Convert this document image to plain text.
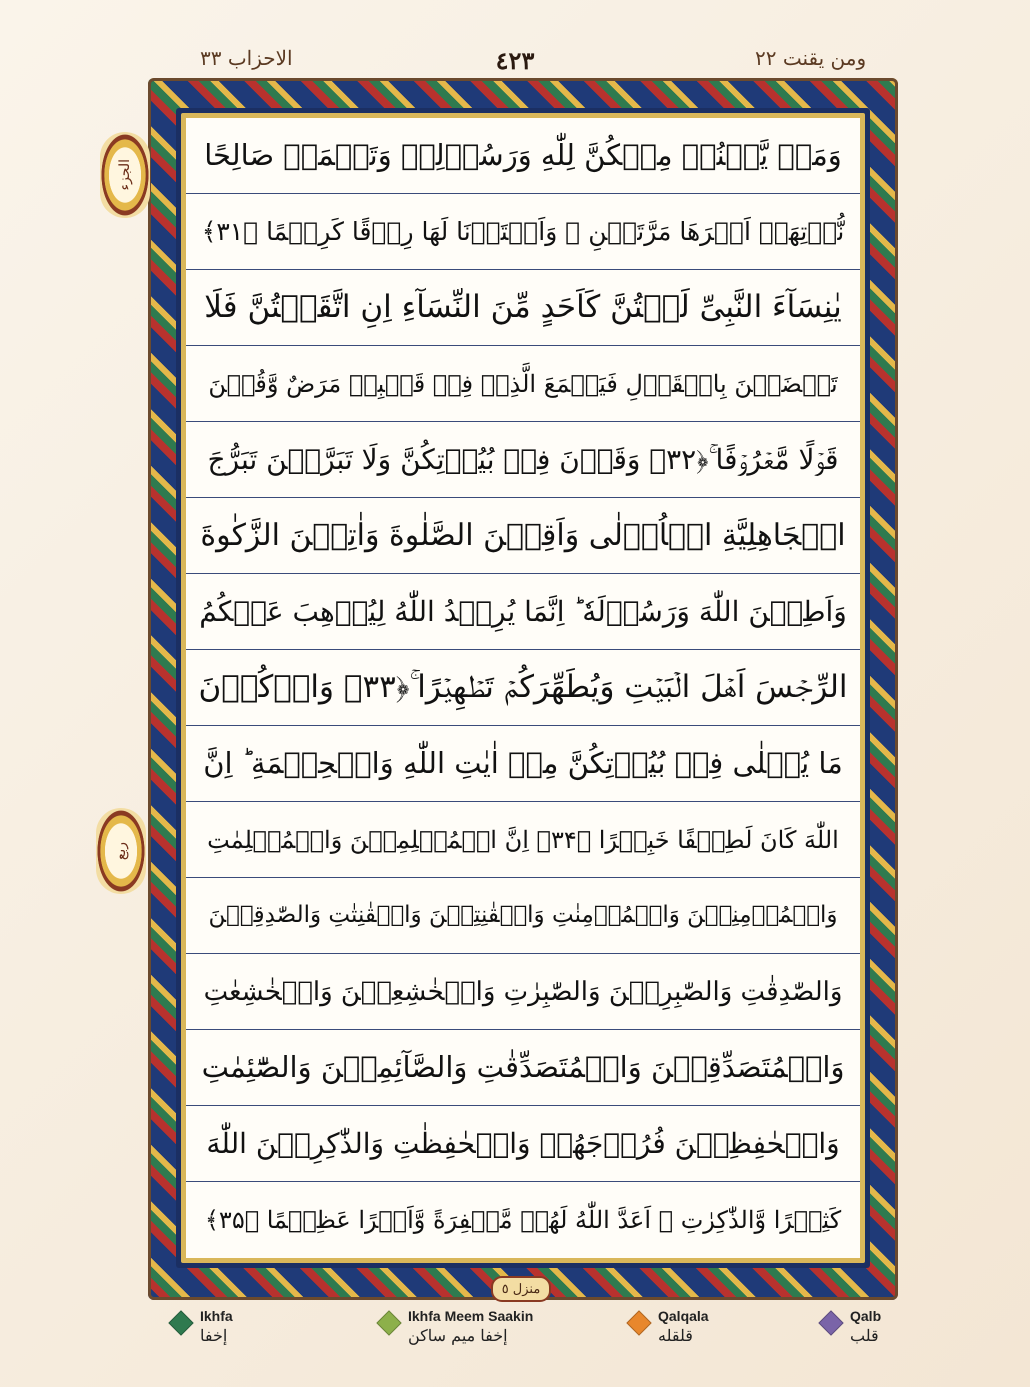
الاحزاب ٣٣	٤٢٣	ومن يقنت ٢٢
وَمَنۡ يَّقۡنُتۡ مِنۡكُنَّ لِلّٰهِ وَرَسُوۡلِهٖ وَتَعۡمَلۡ صَالِحًا
نُّؤۡتِهَاۤ اَجۡرَهَا مَرَّتَيۡنِ ۙ وَاَعۡتَدۡنَا لَهَا رِزۡقًا كَرِيۡمًا ﴿۳۱﴾
يٰنِسَآءَ النَّبِىِّ لَسۡتُنَّ كَاَحَدٍ مِّنَ النِّسَآءِ اِنِ اتَّقَيۡتُنَّ فَلَا
تَخۡضَعۡنَ بِالۡقَوۡلِ فَيَطۡمَعَ الَّذِىۡ فِىۡ قَلۡبِهٖ مَرَضٌ وَّقُلۡنَ
قَوۡلًا مَّعۡرُوۡفًا ۚ﴿۳۲﴾ وَقَرۡنَ فِىۡ بُيُوۡتِكُنَّ وَلَا تَبَرَّجۡنَ تَبَرُّجَ
الۡجَاهِلِيَّةِ الۡاُوۡلٰى وَاَقِمۡنَ الصَّلٰوةَ وَاٰتِيۡنَ الزَّكٰوةَ
وَاَطِعۡنَ اللّٰهَ وَرَسُوۡلَهٗ ؕ اِنَّمَا يُرِيۡدُ اللّٰهُ لِيُذۡهِبَ عَنۡكُمُ
الرِّجۡسَ اَهۡلَ الۡبَيۡتِ وَيُطَهِّرَكُمۡ تَطۡهِيۡرًا ۚ﴿۳۳﴾ وَاذۡكُرۡنَ
مَا يُتۡلٰى فِىۡ بُيُوۡتِكُنَّ مِنۡ اٰيٰتِ اللّٰهِ وَالۡحِكۡمَةِ ؕ اِنَّ
اللّٰهَ كَانَ لَطِيۡفًا خَبِيۡرًا ﴿۳۴﴾ اِنَّ الۡمُسۡلِمِيۡنَ وَالۡمُسۡلِمٰتِ
وَالۡمُؤۡمِنِيۡنَ وَالۡمُؤۡمِنٰتِ وَالۡقٰنِتِيۡنَ وَالۡقٰنِتٰتِ وَالصّٰدِقِيۡنَ
وَالصّٰدِقٰتِ وَالصّٰبِرِيۡنَ وَالصّٰبِرٰتِ وَالۡخٰشِعِيۡنَ وَالۡخٰشِعٰتِ
وَالۡمُتَصَدِّقِيۡنَ وَالۡمُتَصَدِّقٰتِ وَالصَّآئِمِيۡنَ وَالصّٰٓئِمٰتِ
وَالۡحٰفِظِيۡنَ فُرُوۡجَهُمۡ وَالۡحٰفِظٰتِ وَالذّٰكِرِيۡنَ اللّٰهَ
كَثِيۡرًا وَّالذّٰكِرٰتِ ۙ اَعَدَّ اللّٰهُ لَهُمۡ مَّغۡفِرَةً وَّاَجۡرًا عَظِيۡمًا ﴿۳۵﴾
الجزء
ربع
منزل ٥
Ikhfa
إخفا
Ikhfa Meem Saakin
إخفا ميم ساكن
Qalqala
قلقله
Qalb
قلب
